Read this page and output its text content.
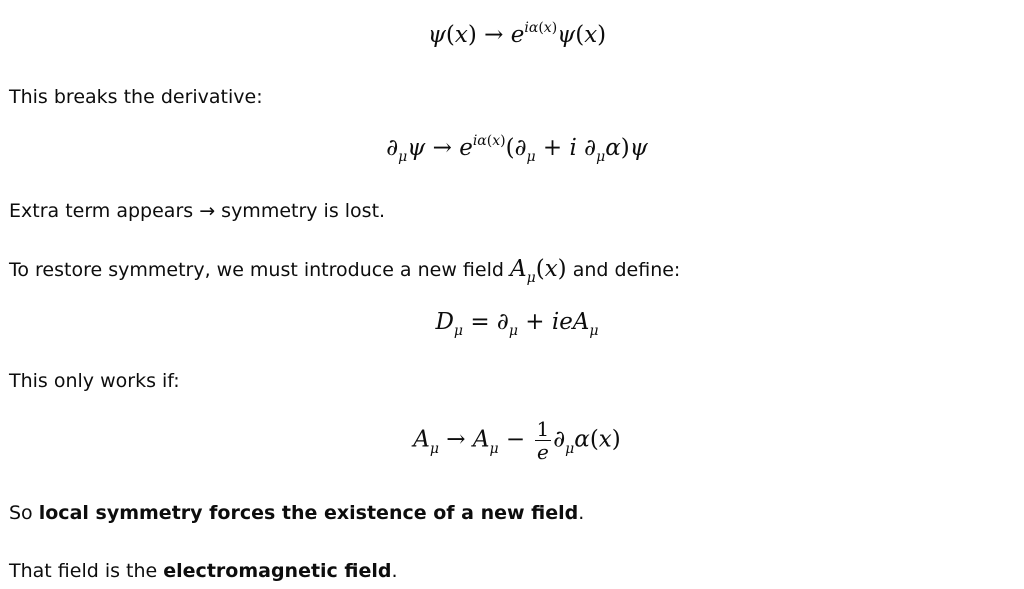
$\psi(x) \to e^{i\alpha(x)}\psi(x)$
This breaks the derivative:
$\partial_\mu\psi \to e^{i\alpha(x)}(\partial_\mu + i$ $\partial_\mu\alpha)\psi$
Extra term appears → symmetry is lost.
To restore symmetry, we must introduce a new field $A_\mu(x)$ and define:
$D_\mu = \partial_\mu + ieA_\mu$
This only works if:
$A_\mu \to A_\mu - \frac{1}{e} \partial_\mu\alpha(x)$
So local symmetry forces the existence of a new field.
That field is the electromagnetic field.
